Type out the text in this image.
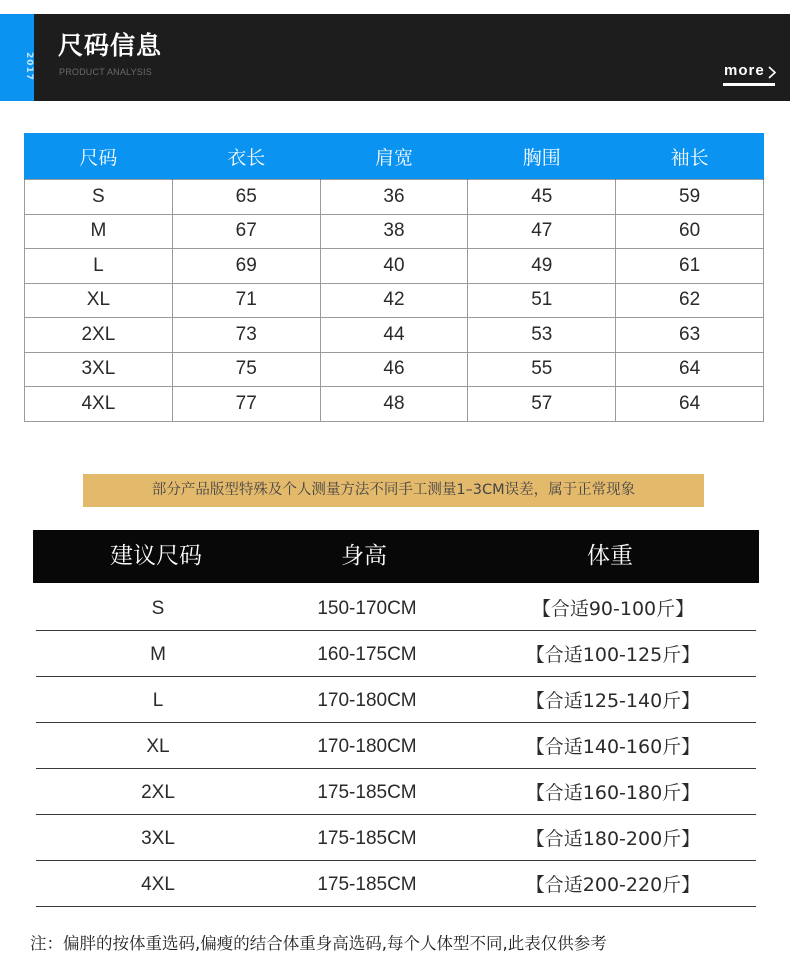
2017
尺码信息
PRODUCT ANALYSIS	more
尺码	衣长	肩宽	胸围	袖长
S	65	36	45	59
M	67	38	47	60
L	69	40	49	61
XL	71	42	51	62
2XL	73	44	53	63
3XL	75	46	55	64
4XL	77	48	57	64
部分产品版型特殊及个人测量方法不同手工测量1–3CM误差，属于正常现象
建议尺码	身高	体重
S	150-170CM	【合适90-100斤】
M	160-175CM	【合适100-125斤】
L	170-180CM	【合适125-140斤】
XL	170-180CM	【合适140-160斤】
2XL	175-185CM	【合适160-180斤】
3XL	175-185CM	【合适180-200斤】
4XL	175-185CM	【合适200-220斤】
注：偏胖的按体重选码,偏瘦的结合体重身高选码,每个人体型不同,此表仅供参考
